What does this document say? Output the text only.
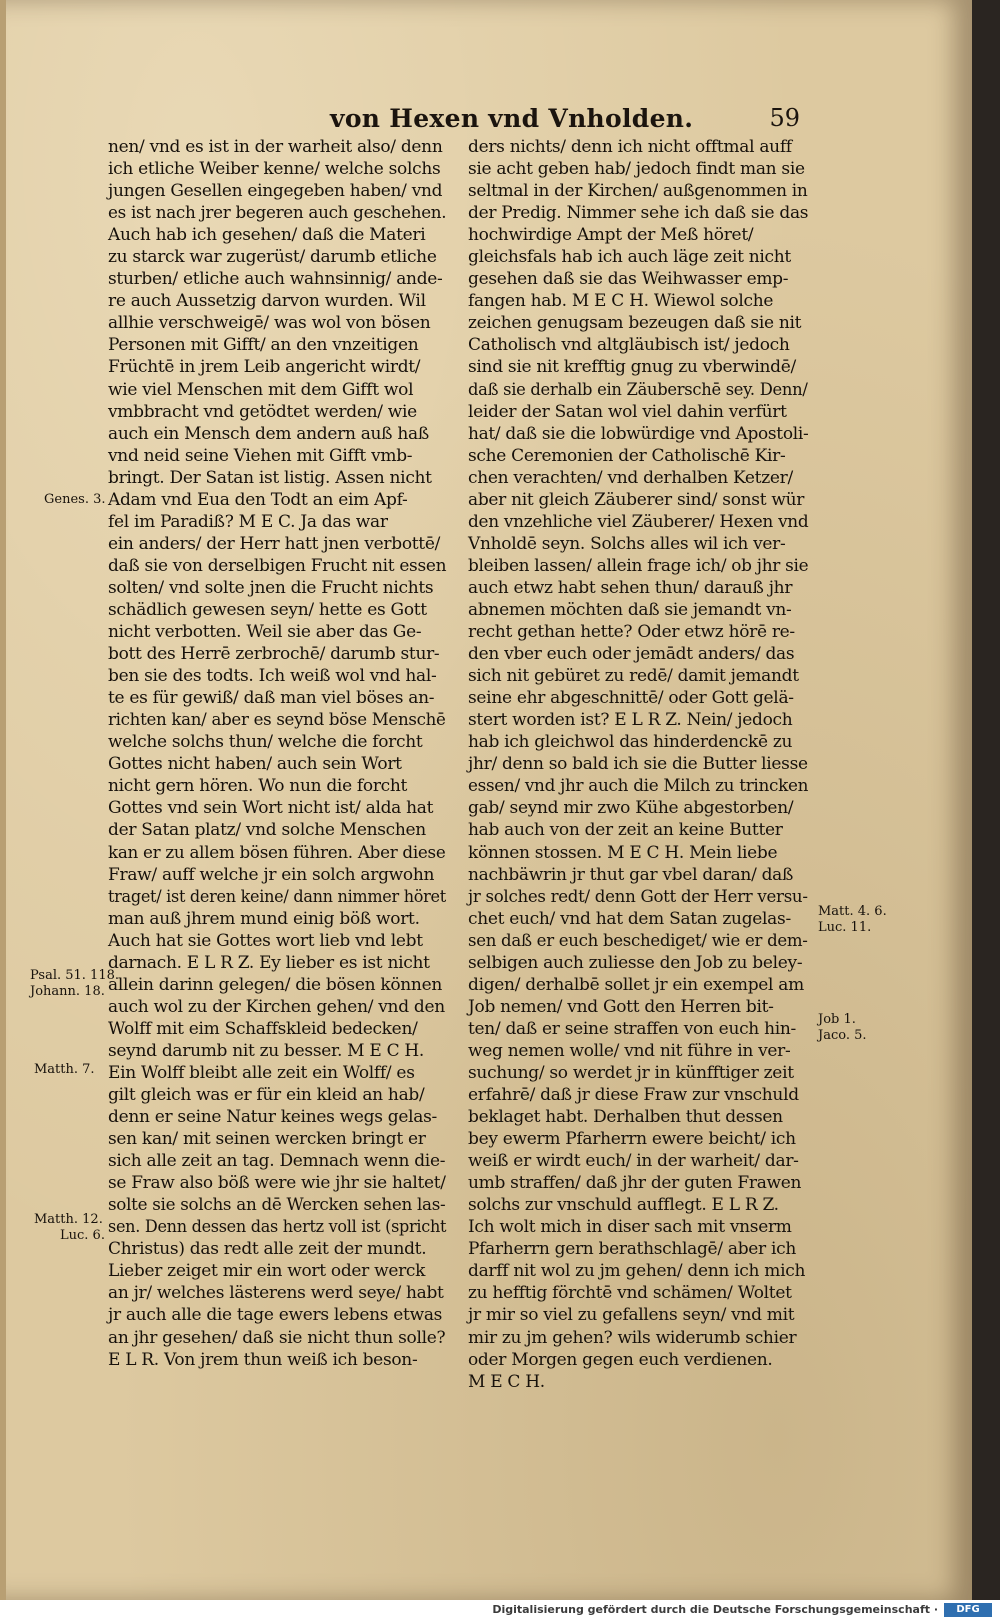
von Hexen vnd Vnholden.	59
nen/ vnd es ist in der warheit also/ denn
ich etliche Weiber kenne/ welche solchs
jungen Gesellen eingegeben haben/ vnd
es ist nach jrer begeren auch geschehen.
Auch hab ich gesehen/ daß die Materi
zu starck war zugerüst/ darumb etliche
sturben/ etliche auch wahnsinnig/ ande-
re auch Aussetzig darvon wurden. Wil
allhie verschweigē/ was wol von bösen
Personen mit Gifft/ an den vnzeitigen
Früchtē in jrem Leib angericht wirdt/
wie viel Menschen mit dem Gifft wol
vmbbracht vnd getödtet werden/ wie
auch ein Mensch dem andern auß haß
vnd neid seine Viehen mit Gifft vmb-
bringt. Der Satan ist listig. Assen nicht
Adam vnd Eua den Todt an eim Apf-
fel im Paradiß? M E C. Ja das war
ein anders/ der Herr hatt jnen verbottē/
daß sie von derselbigen Frucht nit essen
solten/ vnd solte jnen die Frucht nichts
schädlich gewesen seyn/ hette es Gott
nicht verbotten. Weil sie aber das Ge-
bott des Herrē zerbrochē/ darumb stur-
ben sie des todts. Ich weiß wol vnd hal-
te es für gewiß/ daß man viel böses an-
richten kan/ aber es seynd böse Menschē
welche solchs thun/ welche die forcht
Gottes nicht haben/ auch sein Wort
nicht gern hören. Wo nun die forcht
Gottes vnd sein Wort nicht ist/ alda hat
der Satan platz/ vnd solche Menschen
kan er zu allem bösen führen. Aber diese
Fraw/ auff welche jr ein solch argwohn
traget/ ist deren keine/ dann nimmer höret
man auß jhrem mund einig böß wort.
Auch hat sie Gottes wort lieb vnd lebt
darnach. E L R Z. Ey lieber es ist nicht
allein darinn gelegen/ die bösen können
auch wol zu der Kirchen gehen/ vnd den
Wolff mit eim Schaffskleid bedecken/
seynd darumb nit zu besser. M E C H.
Ein Wolff bleibt alle zeit ein Wolff/ es
gilt gleich was er für ein kleid an hab/
denn er seine Natur keines wegs gelas-
sen kan/ mit seinen wercken bringt er
sich alle zeit an tag. Demnach wenn die-
se Fraw also böß were wie jhr sie haltet/
solte sie solchs an dē Wercken sehen las-
sen. Denn dessen das hertz voll ist (spricht
Christus) das redt alle zeit der mundt.
Lieber zeiget mir ein wort oder werck
an jr/ welches lästerens werd seye/ habt
jr auch alle die tage ewers lebens etwas
an jhr gesehen/ daß sie nicht thun solle?
E L R. Von jrem thun weiß ich beson-
ders nichts/ denn ich nicht offtmal auff
sie acht geben hab/ jedoch findt man sie
seltmal in der Kirchen/ außgenommen in
der Predig. Nimmer sehe ich daß sie das
hochwirdige Ampt der Meß höret/
gleichsfals hab ich auch läge zeit nicht
gesehen daß sie das Weihwasser emp-
fangen hab. M E C H. Wiewol solche
zeichen genugsam bezeugen daß sie nit
Catholisch vnd altgläubisch ist/ jedoch
sind sie nit krefftig gnug zu vberwindē/
daß sie derhalb ein Zäuberschē sey. Denn/
leider der Satan wol viel dahin verfürt
hat/ daß sie die lobwürdige vnd Apostoli-
sche Ceremonien der Catholischē Kir-
chen verachten/ vnd derhalben Ketzer/
aber nit gleich Zäuberer sind/ sonst wür
den vnzehliche viel Zäuberer/ Hexen vnd
Vnholdē seyn. Solchs alles wil ich ver-
bleiben lassen/ allein frage ich/ ob jhr sie
auch etwz habt sehen thun/ darauß jhr
abnemen möchten daß sie jemandt vn-
recht gethan hette? Oder etwz hörē re-
den vber euch oder jemādt anders/ das
sich nit gebüret zu redē/ damit jemandt
seine ehr abgeschnittē/ oder Gott gelä-
stert worden ist? E L R Z. Nein/ jedoch
hab ich gleichwol das hinderdenckē zu
jhr/ denn so bald ich sie die Butter liesse
essen/ vnd jhr auch die Milch zu trincken
gab/ seynd mir zwo Kühe abgestorben/
hab auch von der zeit an keine Butter
können stossen. M E C H. Mein liebe
nachbäwrin jr thut gar vbel daran/ daß
jr solches redt/ denn Gott der Herr versu-
chet euch/ vnd hat dem Satan zugelas-
sen daß er euch beschediget/ wie er dem-
selbigen auch zuliesse den Job zu beley-
digen/ derhalbē sollet jr ein exempel am
Job nemen/ vnd Gott den Herren bit-
ten/ daß er seine straffen von euch hin-
weg nemen wolle/ vnd nit führe in ver-
suchung/ so werdet jr in künfftiger zeit
erfahrē/ daß jr diese Fraw zur vnschuld
beklaget habt. Derhalben thut dessen
bey ewerm Pfarherrn ewere beicht/ ich
weiß er wirdt euch/ in der warheit/ dar-
umb straffen/ daß jhr der guten Frawen
solchs zur vnschuld aufflegt. E L R Z.
Ich wolt mich in diser sach mit vnserm
Pfarherrn gern berathschlagē/ aber ich
darff nit wol zu jm gehen/ denn ich mich
zu hefftig förchtē vnd schämen/ Woltet
jr mir so viel zu gefallens seyn/ vnd mit
mir zu jm gehen? wils widerumb schier
oder Morgen gegen euch verdienen.
M E C H.
Genes. 3.
Psal. 51. 118.
Johann. 18.
Matth. 7.
Matth. 12.
Luc. 6.
Matt. 4. 6.
Luc. 11.
Job 1.
Jaco. 5.
Digitalisierung gefördert durch die Deutsche Forschungsgemeinschaft ·	DFG
